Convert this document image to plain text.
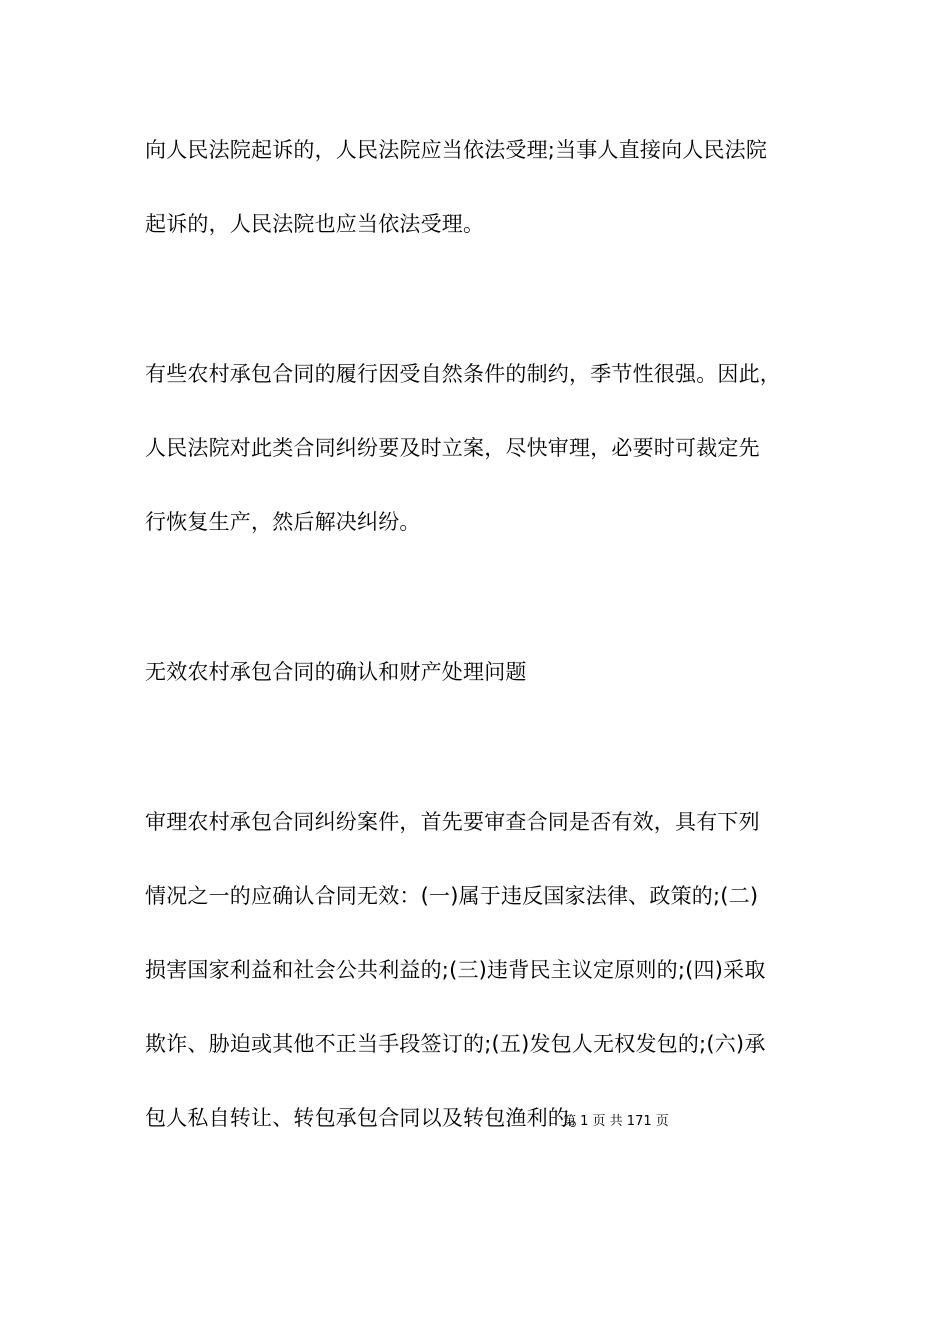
向人民法院起诉的，人民法院应当依法受理;当事人直接向人民法院
起诉的，人民法院也应当依法受理。
有些农村承包合同的履行因受自然条件的制约，季节性很强。因此，
人民法院对此类合同纠纷要及时立案，尽快审理，必要时可裁定先
行恢复生产，然后解决纠纷。
无效农村承包合同的确认和财产处理问题
审理农村承包合同纠纷案件，首先要审查合同是否有效，具有下列
情况之一的应确认合同无效：(一)属于违反国家法律、政策的;(二)
损害国家利益和社会公共利益的;(三)违背民主议定原则的;(四)采取
欺诈、胁迫或其他不正当手段签订的;(五)发包人无权发包的;(六)承
包人私自转让、转包承包合同以及转包渔利的。
第 1 页 共 171 页
